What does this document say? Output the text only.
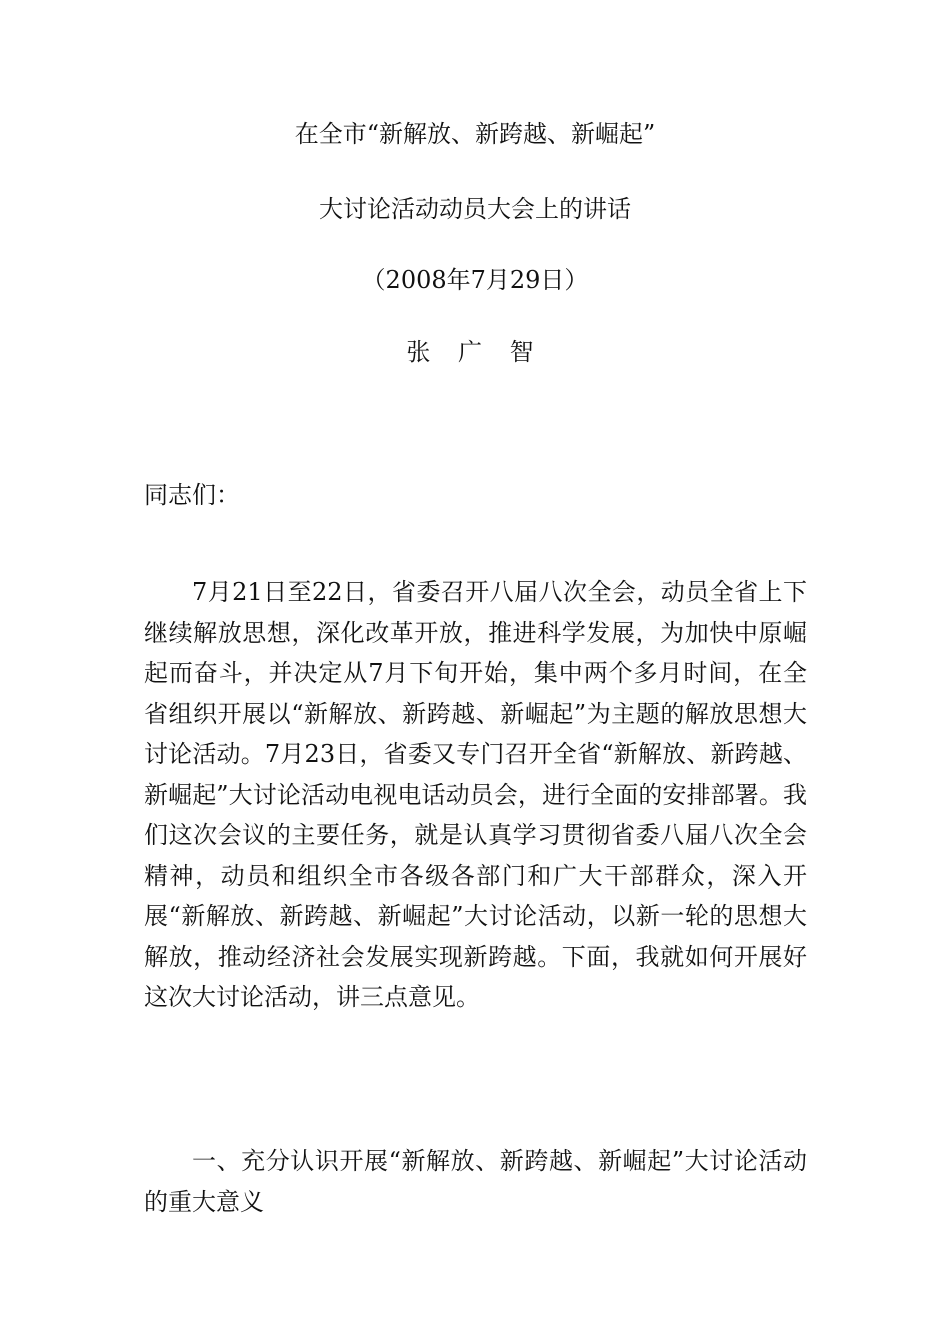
在全市“新解放、新跨越、新崛起”
大讨论活动动员大会上的讲话
（2008年7月29日）
张 广 智
同志们：

7月21日至22日，省委召开八届八次全会，动员全省上下继续解放思想，深化改革开放，推进科学发展，为加快中原崛起而奋斗，并决定从7月下旬开始，集中两个多月时间，在全省组织开展以“新解放、新跨越、新崛起”为主题的解放思想大讨论活动。7月23日，省委又专门召开全省“新解放、新跨越、新崛起”大讨论活动电视电话动员会，进行全面的安排部署。我们这次会议的主要任务，就是认真学习贯彻省委八届八次全会精神，动员和组织全市各级各部门和广大干部群众，深入开展“新解放、新跨越、新崛起”大讨论活动，以新一轮的思想大解放，推动经济社会发展实现新跨越。下面，我就如何开展好这次大讨论活动，讲三点意见。

一、充分认识开展“新解放、新跨越、新崛起”大讨论活动的重大意义
